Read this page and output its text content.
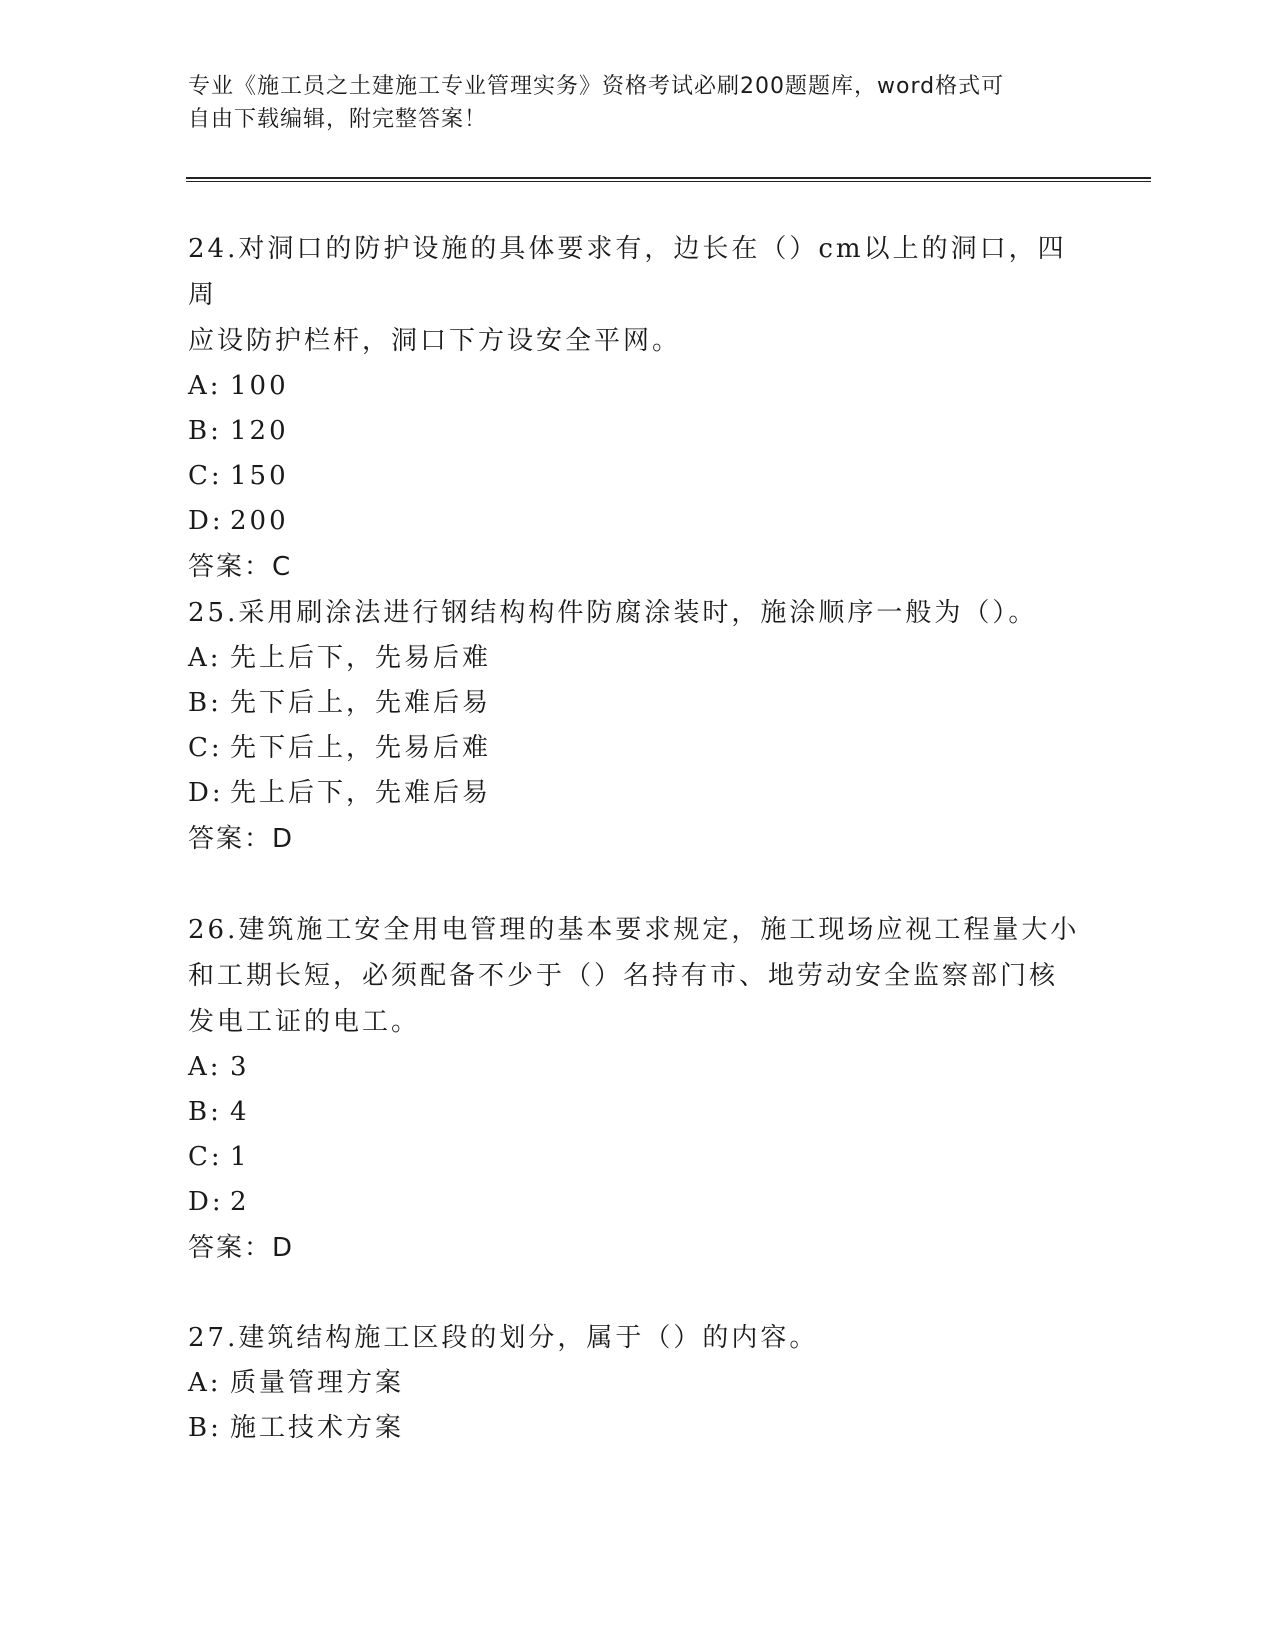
专业《施工员之土建施工专业管理实务》资格考试必刷200题题库，word格式可
自由下载编辑，附完整答案！

24.对洞口的防护设施的具体要求有，边长在（）cm以上的洞口，四周

应设防护栏杆，洞口下方设安全平网。

A: 100

B: 120

C: 150

D: 200

答案：C

25.采用刷涂法进行钢结构构件防腐涂装时，施涂顺序一般为（）。

A: 先上后下，先易后难

B: 先下后上，先难后易

C: 先下后上，先易后难

D: 先上后下，先难后易

答案：D

26.建筑施工安全用电管理的基本要求规定，施工现场应视工程量大小

和工期长短，必须配备不少于（）名持有市、地劳动安全监察部门核

发电工证的电工。

A: 3

B: 4

C: 1

D: 2

答案：D

27.建筑结构施工区段的划分，属于（）的内容。

A: 质量管理方案

B: 施工技术方案
